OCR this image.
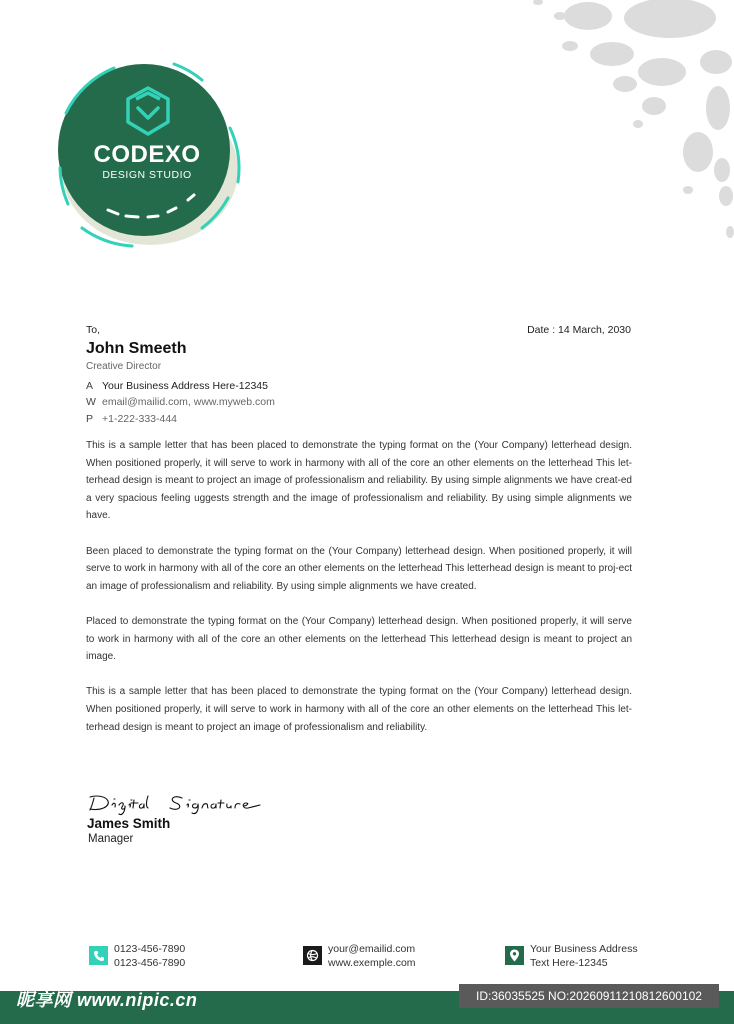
CODEXO
DESIGN STUDIO
To,	Date : 14 March, 2030
John Smeeth
Creative Director
A Your Business Address Here-12345
W email@mailid.com, www.myweb.com
P +1-222-333-444

This is a sample letter that has been placed to demonstrate the typing format on the (Your Company) letterhead design. When positioned properly, it will serve to work in harmony with all of the core an other elements on the letterhead This let-terhead design is meant to project an image of professionalism and reliability. By using simple alignments we have creat-ed a very spacious feeling uggests strength and the image of professionalism and reliability. By using simple alignments we have.

Been placed to demonstrate the typing format on the (Your Company) letterhead design. When positioned properly, it will serve to work in harmony with all of the core an other elements on the letterhead This letterhead design is meant to proj-ect an image of professionalism and reliability. By using simple alignments we have created.

Placed to demonstrate the typing format on the (Your Company) letterhead design. When positioned properly, it will serve to work in harmony with all of the core an other elements on the letterhead This letterhead design is meant to project an image.

This is a sample letter that has been placed to demonstrate the typing format on the (Your Company) letterhead design. When positioned properly, it will serve to work in harmony with all of the core an other elements on the letterhead This let-terhead design is meant to project an image of professionalism and reliability.

James Smith
Manager
0123-456-7890
0123-456-7890
your@emailid.com
www.exemple.com
Your Business Address
Text Here-12345
昵享网 www.nipic.cn	ID:36035525 NO:20260911210812600102
